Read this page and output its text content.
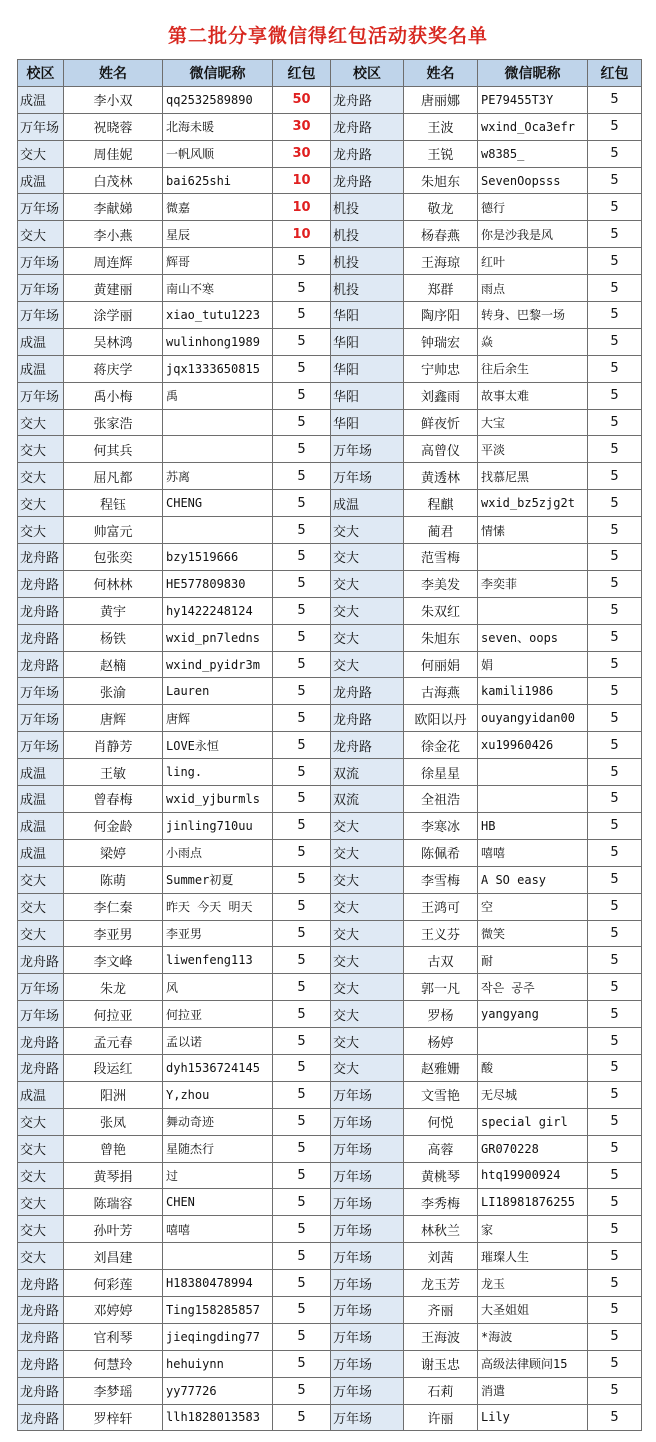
第二批分享微信得红包活动获奖名单
校区	姓名	微信昵称	红包	校区	姓名	微信昵称	红包
成温	李小双	qq2532589890	50	龙舟路	唐丽娜	PE79455T3Y	5
万年场	祝晓蓉	北海未暖	30	龙舟路	王波	wxind_Oca3efr	5
交大	周佳妮	一帆风顺	30	龙舟路	王锐	w8385_	5
成温	白茂林	bai625shi	10	龙舟路	朱旭东	SevenOopsss	5
万年场	李献娣	微嘉	10	机投	敬龙	德行	5
交大	李小燕	星辰	10	机投	杨春燕	你是沙我是风	5
万年场	周连辉	辉哥	5	机投	王海琼	红叶	5
万年场	黄建丽	南山不寒	5	机投	郑群	雨点	5
万年场	涂学丽	xiao_tutu1223	5	华阳	陶序阳	转身、巴黎一场	5
成温	吴林鸿	wulinhong1989	5	华阳	钟瑞宏	焱	5
成温	蒋庆学	jqx1333650815	5	华阳	宁帅忠	往后余生	5
万年场	禹小梅	禹	5	华阳	刘鑫雨	故事太难	5
交大	张家浩		5	华阳	鲜夜忻	大宝	5
交大	何其兵		5	万年场	高曾仪	平淡	5
交大	屈凡都	苏离	5	万年场	黄透林	找慕尼黑	5
交大	程钰	CHENG	5	成温	程麒	wxid_bz5zjg2t	5
交大	帅富元		5	交大	蔺君	情愫	5
龙舟路	包张奕	bzy1519666	5	交大	范雪梅		5
龙舟路	何林林	HE577809830	5	交大	李美发	李奕菲	5
龙舟路	黄宇	hy1422248124	5	交大	朱双红		5
龙舟路	杨铁	wxid_pn7ledns	5	交大	朱旭东	seven、oops	5
龙舟路	赵楠	wxind_pyidr3m	5	交大	何丽娟	娟	5
万年场	张渝	Lauren	5	龙舟路	古海燕	kamili1986	5
万年场	唐辉	唐辉	5	龙舟路	欧阳以丹	ouyangyidan00	5
万年场	肖静芳	LOVE永恒	5	龙舟路	徐金花	xu19960426	5
成温	王敏	ling.	5	双流	徐星星		5
成温	曾春梅	wxid_yjburmls	5	双流	全祖浩		5
成温	何金龄	jinling710uu	5	交大	李寒冰	HB	5
成温	梁婷	小雨点	5	交大	陈佩希	嘻嘻	5
交大	陈萌	Summer初夏	5	交大	李雪梅	A SO easy	5
交大	李仁秦	昨天 今天 明天	5	交大	王鸿可	空	5
交大	李亚男	李亚男	5	交大	王义芬	微笑	5
龙舟路	李文峰	liwenfeng113	5	交大	古双	耐	5
万年场	朱龙	风	5	交大	郭一凡	작은 공주	5
万年场	何拉亚	何拉亚	5	交大	罗杨	yangyang	5
龙舟路	孟元春	孟以诺	5	交大	杨婷		5
龙舟路	段运红	dyh1536724145	5	交大	赵雅姗	酸	5
成温	阳洲	Y,zhou	5	万年场	文雪艳	无尽城	5
交大	张凤	舞动奇迹	5	万年场	何悦	special girl	5
交大	曾艳	星随杰行	5	万年场	高蓉	GR070228	5
交大	黄琴捐	过	5	万年场	黄桃琴	htq19900924	5
交大	陈瑞容	CHEN	5	万年场	李秀梅	LI18981876255	5
交大	孙叶芳	嘻嘻	5	万年场	林秋兰	家	5
交大	刘昌建		5	万年场	刘茜	璀璨人生	5
龙舟路	何彩莲	H18380478994	5	万年场	龙玉芳	龙玉	5
龙舟路	邓婷婷	Ting158285857	5	万年场	齐丽	大圣姐姐	5
龙舟路	官利琴	jieqingding77	5	万年场	王海波	*海波	5
龙舟路	何慧玲	hehuiynn	5	万年场	谢玉忠	高级法律顾问15	5
龙舟路	李梦瑶	yy77726	5	万年场	石莉	消遣	5
龙舟路	罗梓轩	llh1828013583	5	万年场	许丽	Lily	5
